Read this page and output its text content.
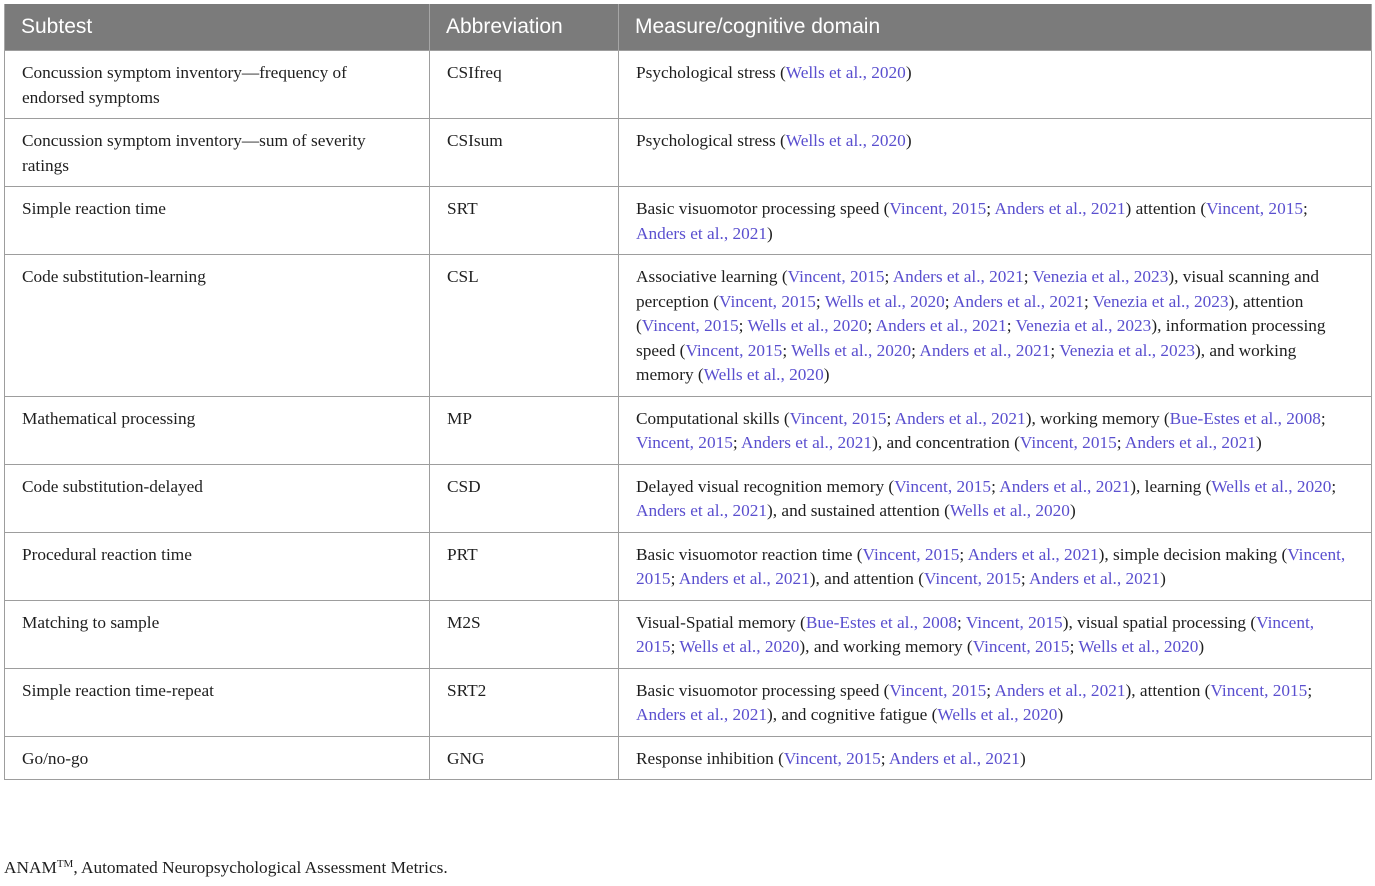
Subtest	Abbreviation	Measure/cognitive domain
Concussion symptom inventory—frequency of endorsed symptoms	CSIfreq	Psychological stress (Wells et al., 2020)
Concussion symptom inventory—sum of severity ratings	CSIsum	Psychological stress (Wells et al., 2020)
Simple reaction time	SRT	Basic visuomotor processing speed (Vincent, 2015; Anders et al., 2021) attention (Vincent, 2015; Anders et al., 2021)
Code substitution-learning	CSL	Associative learning (Vincent, 2015; Anders et al., 2021; Venezia et al., 2023), visual scanning and perception (Vincent, 2015; Wells et al., 2020; Anders et al., 2021; Venezia et al., 2023), attention (Vincent, 2015; Wells et al., 2020; Anders et al., 2021; Venezia et al., 2023), information processing speed (Vincent, 2015; Wells et al., 2020; Anders et al., 2021; Venezia et al., 2023), and working memory (Wells et al., 2020)
Mathematical processing	MP	Computational skills (Vincent, 2015; Anders et al., 2021), working memory (Bue-Estes et al., 2008; Vincent, 2015; Anders et al., 2021), and concentration (Vincent, 2015; Anders et al., 2021)
Code substitution-delayed	CSD	Delayed visual recognition memory (Vincent, 2015; Anders et al., 2021), learning (Wells et al., 2020; Anders et al., 2021), and sustained attention (Wells et al., 2020)
Procedural reaction time	PRT	Basic visuomotor reaction time (Vincent, 2015; Anders et al., 2021), simple decision making (Vincent, 2015; Anders et al., 2021), and attention (Vincent, 2015; Anders et al., 2021)
Matching to sample	M2S	Visual-Spatial memory (Bue-Estes et al., 2008; Vincent, 2015), visual spatial processing (Vincent, 2015; Wells et al., 2020), and working memory (Vincent, 2015; Wells et al., 2020)
Simple reaction time-repeat	SRT2	Basic visuomotor processing speed (Vincent, 2015; Anders et al., 2021), attention (Vincent, 2015; Anders et al., 2021), and cognitive fatigue (Wells et al., 2020)
Go/no-go	GNG	Response inhibition (Vincent, 2015; Anders et al., 2021)
ANAM™, Automated Neuropsychological Assessment Metrics.
